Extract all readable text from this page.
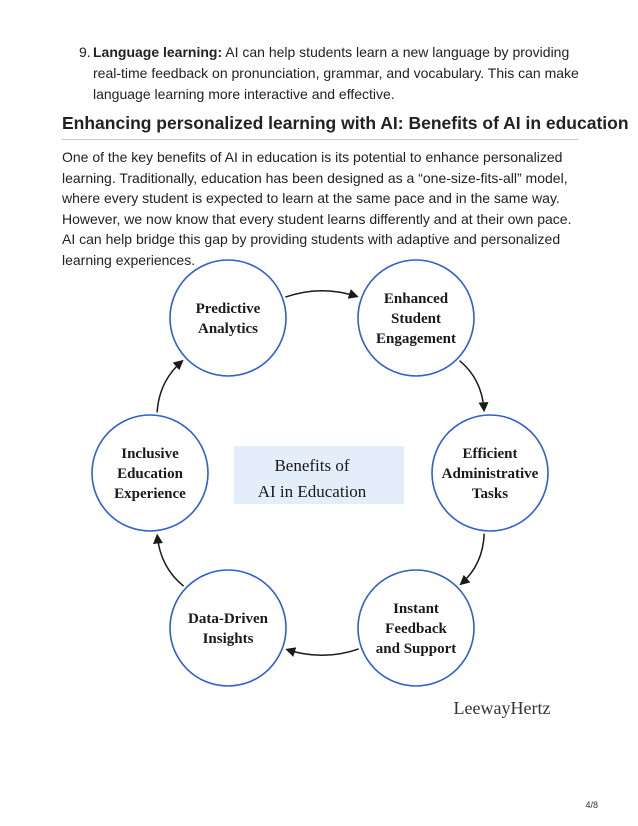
9. Language learning: AI can help students learn a new language by providing real-time feedback on pronunciation, grammar, and vocabulary. This can make language learning more interactive and effective.
Enhancing personalized learning with AI: Benefits of AI in education
One of the key benefits of AI in education is its potential to enhance personalized learning. Traditionally, education has been designed as a “one-size-fits-all” model, where every student is expected to learn at the same pace and in the same way. However, we now know that every student learns differently and at their own pace. AI can help bridge this gap by providing students with adaptive and personalized learning experiences.
Benefits of
AI in Education
Predictive
Analytics
Enhanced
Student
Engagement
Efficient
Administrative
Tasks
Instant
Feedback
and Support
Data-Driven
Insights
Inclusive
Education
Experience
LeewayHertz
4/8
